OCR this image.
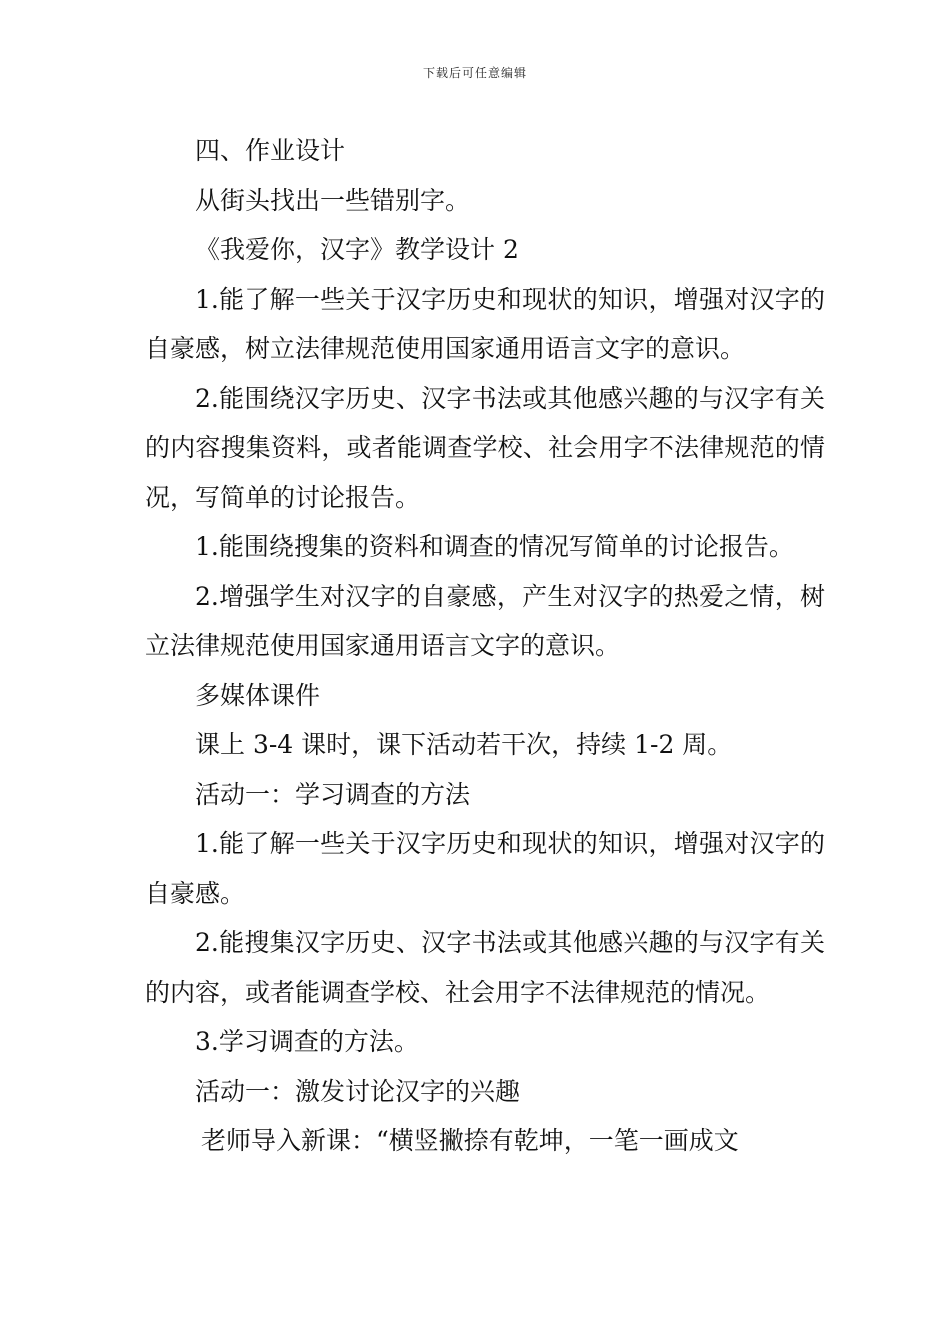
下载后可任意编辑

四、作业设计

从街头找出一些错别字。

《我爱你，汉字》教学设计 2

1.能了解一些关于汉字历史和现状的知识，增强对汉字的自豪感，树立法律规范使用国家通用语言文字的意识。

2.能围绕汉字历史、汉字书法或其他感兴趣的与汉字有关的内容搜集资料，或者能调查学校、社会用字不法律规范的情况，写简单的讨论报告。

1.能围绕搜集的资料和调查的情况写简单的讨论报告。

2.增强学生对汉字的自豪感，产生对汉字的热爱之情，树立法律规范使用国家通用语言文字的意识。

多媒体课件

课上 3-4 课时，课下活动若干次，持续 1-2 周。

活动一：学习调查的方法

1.能了解一些关于汉字历史和现状的知识，增强对汉字的自豪感。

2.能搜集汉字历史、汉字书法或其他感兴趣的与汉字有关的内容，或者能调查学校、社会用字不法律规范的情况。

3.学习调查的方法。

活动一：激发讨论汉字的兴趣

老师导入新课：“横竖撇捺有乾坤，一笔一画成文
